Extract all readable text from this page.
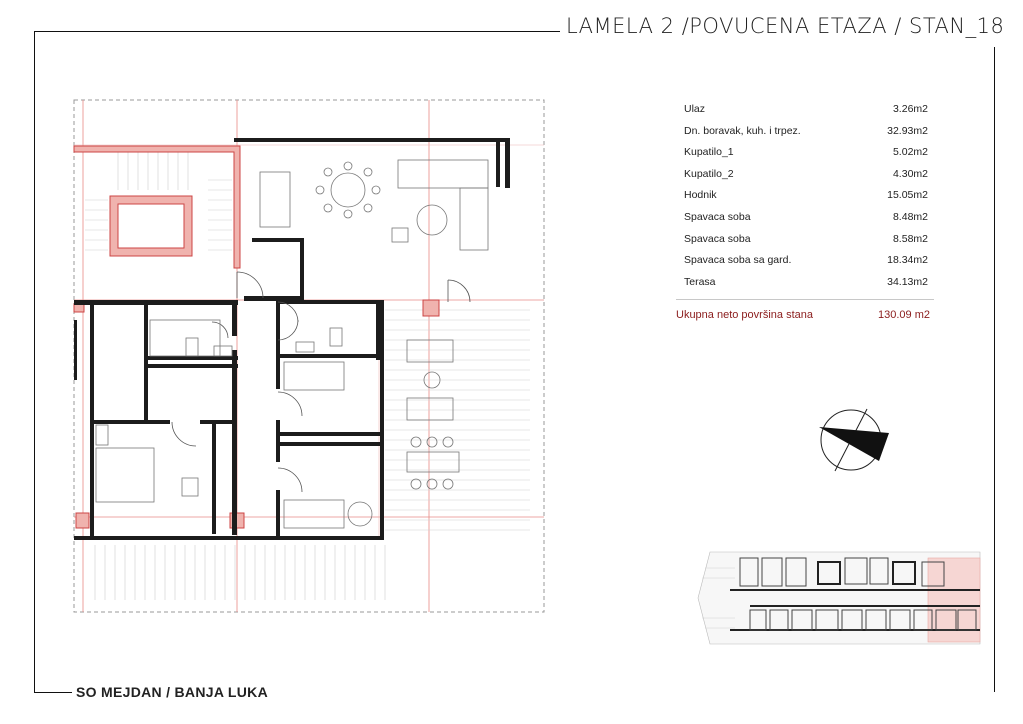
LAMELA 2 /POVUCENA ETAZA / STAN_18
SO MEJDAN / BANJA LUKA
Ulaz	3.26m2
Dn. boravak, kuh. i trpez.	32.93m2
Kupatilo_1	5.02m2
Kupatilo_2	4.30m2
Hodnik	15.05m2
Spavaca soba	8.48m2
Spavaca soba	8.58m2
Spavaca soba sa gard.	18.34m2
Terasa	34.13m2
Ukupna neto površina stana	130.09 m2
